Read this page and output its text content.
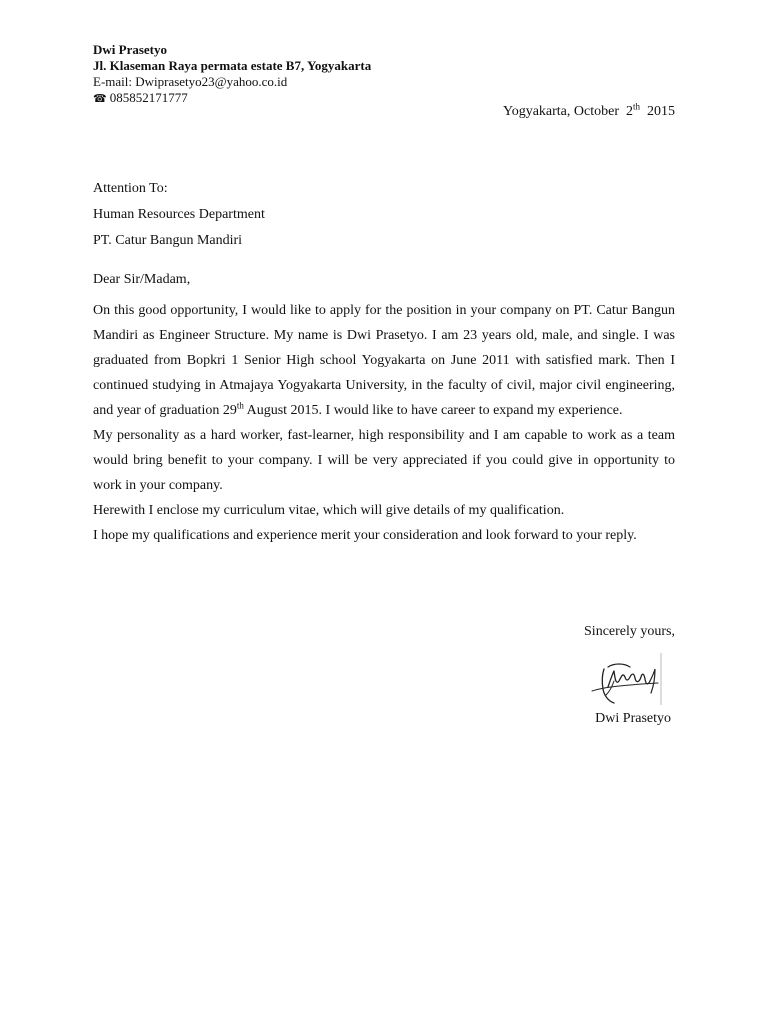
Dwi Prasetyo
Jl. Klaseman Raya permata estate B7, Yogyakarta
E-mail: Dwiprasetyo23@yahoo.co.id
☎ 085852171777
Yogyakarta, October 2th 2015
Attention To:
Human Resources Department
PT. Catur Bangun Mandiri
Dear Sir/Madam,

On this good opportunity, I would like to apply for the position in your company on PT. Catur Bangun Mandiri as Engineer Structure. My name is Dwi Prasetyo. I am 23 years old, male, and single. I was graduated from Bopkri 1 Senior High school Yogyakarta on June 2011 with satisfied mark. Then I continued studying in Atmajaya Yogyakarta University, in the faculty of civil, major civil engineering, and year of graduation 29th August 2015. I would like to have career to expand my experience.

My personality as a hard worker, fast-learner, high responsibility and I am capable to work as a team would bring benefit to your company. I will be very appreciated if you could give in opportunity to work in your company.

Herewith I enclose my curriculum vitae, which will give details of my qualification.

I hope my qualifications and experience merit your consideration and look forward to your reply.

Sincerely yours,
Dwi Prasetyo
